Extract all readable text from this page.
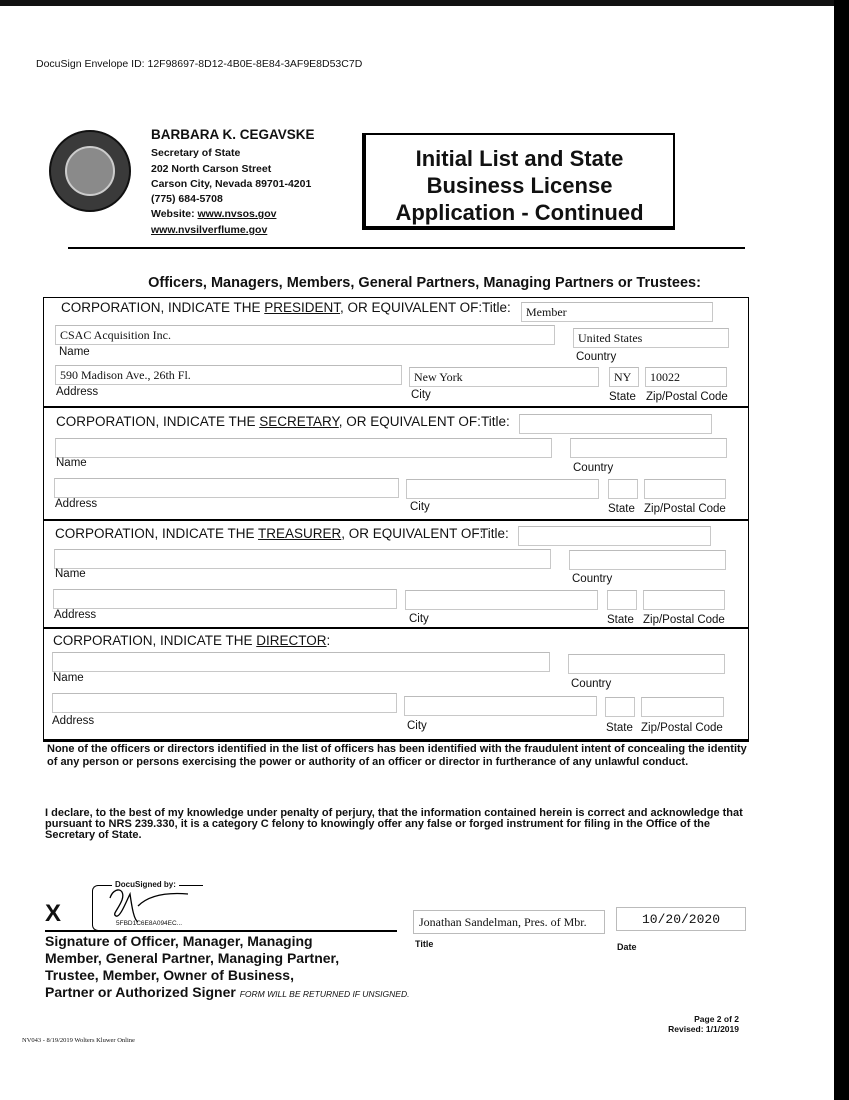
DocuSign Envelope ID: 12F98697-8D12-4B0E-8E84-3AF9E8D53C7D
BARBARA K. CEGAVSKE
Secretary of State
202 North Carson Street
Carson City, Nevada 89701-4201
(775) 684-5708
Website: www.nvsos.gov
www.nvsilverflume.gov
Initial List and State
Business License
Application - Continued
Officers, Managers, Members, General Partners, Managing Partners or Trustees:
CORPORATION, INDICATE THE PRESIDENT, OR EQUIVALENT OF: Title:	Member
CSAC Acquisition Inc.	United States
Name	Country
590 Madison Ave., 26th Fl.	New York	NY	10022
Address	City	State Zip/Postal Code
CORPORATION, INDICATE THE SECRETARY, OR EQUIVALENT OF: Title:
Name	Country
Address	City	State Zip/Postal Code
CORPORATION, INDICATE THE TREASURER, OR EQUIVALENT OF:
Title:
Name	Country
Address	City	State Zip/Postal Code
CORPORATION, INDICATE THE DIRECTOR:
Name	Country
Address	City	State Zip/Postal Code
None of the officers or directors identified in the list of officers has been identified with the fraudulent intent of concealing the identity of any person or persons exercising the power or authority of an officer or director in furtherance of any unlawful conduct.
I declare, to the best of my knowledge under penalty of perjury, that the information contained herein is correct and acknowledge that pursuant to NRS 239.330, it is a category C felony to knowingly offer any false or forged instrument for filing in the Office of the Secretary of State.
DocuSigned by:
5FBD1C6E8A094EC...
X
Signature of Officer, Manager, Managing
Member, General Partner, Managing Partner,
Trustee, Member, Owner of Business,
Partner or Authorized Signer FORM WILL BE RETURNED IF UNSIGNED.
Jonathan Sandelman, Pres. of Mbr.
Title
10/20/2020
Date
Page 2 of 2
Revised: 1/1/2019
NV043 - 8/19/2019 Wolters Kluwer Online
